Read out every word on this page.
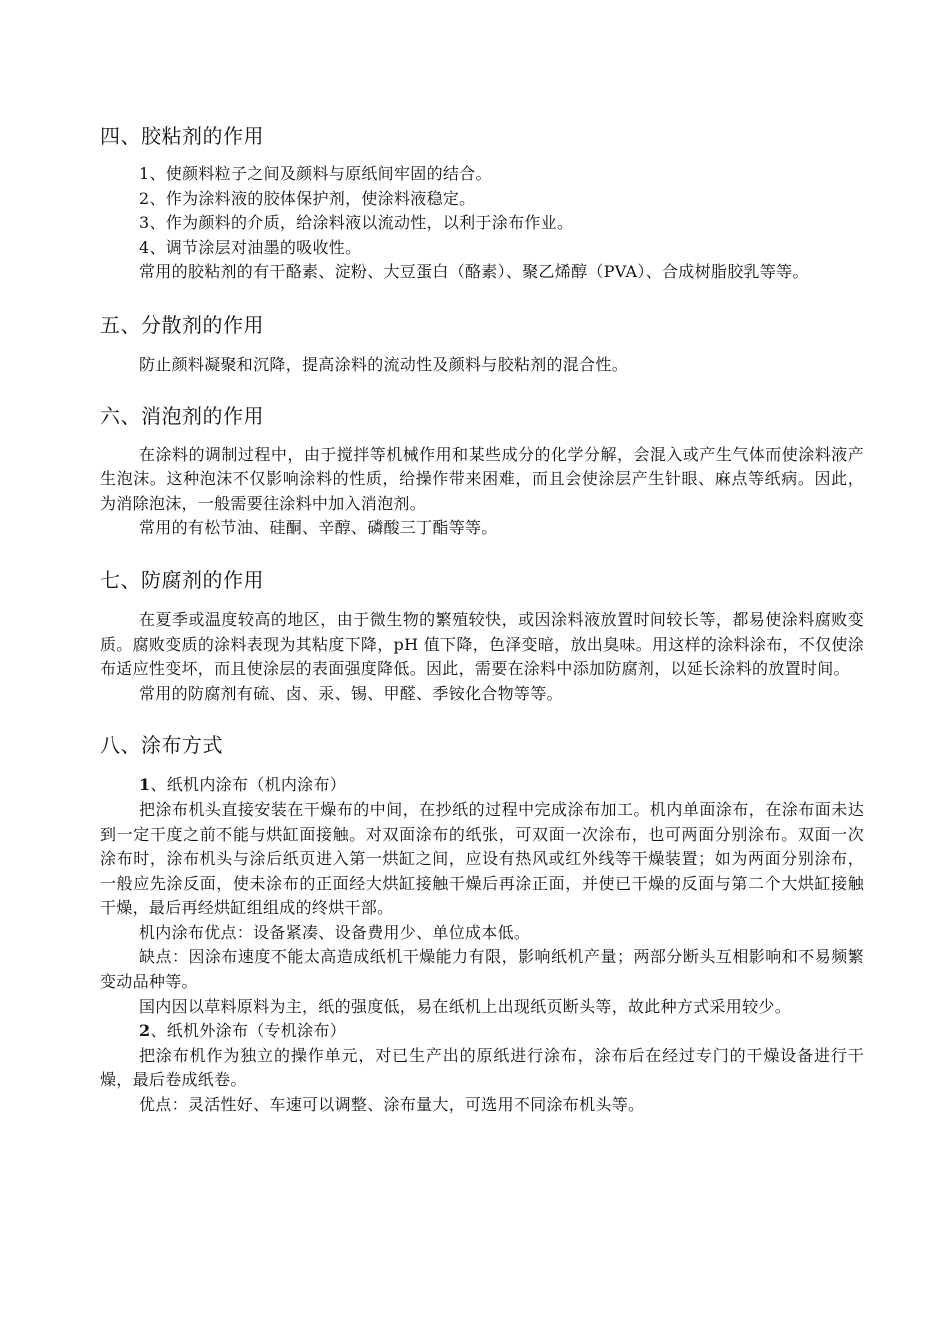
四、胶粘剂的作用

1、使颜料粒子之间及颜料与原纸间牢固的结合。

2、作为涂料液的胶体保护剂，使涂料液稳定。

3、作为颜料的介质，给涂料液以流动性，以利于涂布作业。

4、调节涂层对油墨的吸收性。

常用的胶粘剂的有干酪素、淀粉、大豆蛋白（酪素）、聚乙烯醇（PVA）、合成树脂胶乳等等。

五、分散剂的作用

防止颜料凝聚和沉降，提高涂料的流动性及颜料与胶粘剂的混合性。

六、消泡剂的作用

在涂料的调制过程中，由于搅拌等机械作用和某些成分的化学分解，会混入或产生气体而使涂料液产生泡沫。这种泡沫不仅影响涂料的性质，给操作带来困难，而且会使涂层产生针眼、麻点等纸病。因此，为消除泡沫，一般需要往涂料中加入消泡剂。

常用的有松节油、硅酮、辛醇、磷酸三丁酯等等。

七、防腐剂的作用

在夏季或温度较高的地区，由于微生物的繁殖较快，或因涂料液放置时间较长等，都易使涂料腐败变质。腐败变质的涂料表现为其粘度下降，pH 值下降，色泽变暗，放出臭味。用这样的涂料涂布，不仅使涂布适应性变坏，而且使涂层的表面强度降低。因此，需要在涂料中添加防腐剂，以延长涂料的放置时间。

常用的防腐剂有硫、卤、汞、锡、甲醛、季铵化合物等等。

八、涂布方式

1、纸机内涂布（机内涂布）

把涂布机头直接安装在干燥布的中间，在抄纸的过程中完成涂布加工。机内单面涂布，在涂布面未达到一定干度之前不能与烘缸面接触。对双面涂布的纸张，可双面一次涂布，也可两面分别涂布。双面一次涂布时，涂布机头与涂后纸页进入第一烘缸之间，应设有热风或红外线等干燥装置；如为两面分别涂布，一般应先涂反面，使未涂布的正面经大烘缸接触干燥后再涂正面，并使已干燥的反面与第二个大烘缸接触干燥，最后再经烘缸组组成的终烘干部。

机内涂布优点：设备紧凑、设备费用少、单位成本低。

缺点：因涂布速度不能太高造成纸机干燥能力有限，影响纸机产量；两部分断头互相影响和不易频繁变动品种等。

国内因以草料原料为主，纸的强度低，易在纸机上出现纸页断头等，故此种方式采用较少。

2、纸机外涂布（专机涂布）

把涂布机作为独立的操作单元，对已生产出的原纸进行涂布，涂布后在经过专门的干燥设备进行干燥，最后卷成纸卷。

优点：灵活性好、车速可以调整、涂布量大，可选用不同涂布机头等。
